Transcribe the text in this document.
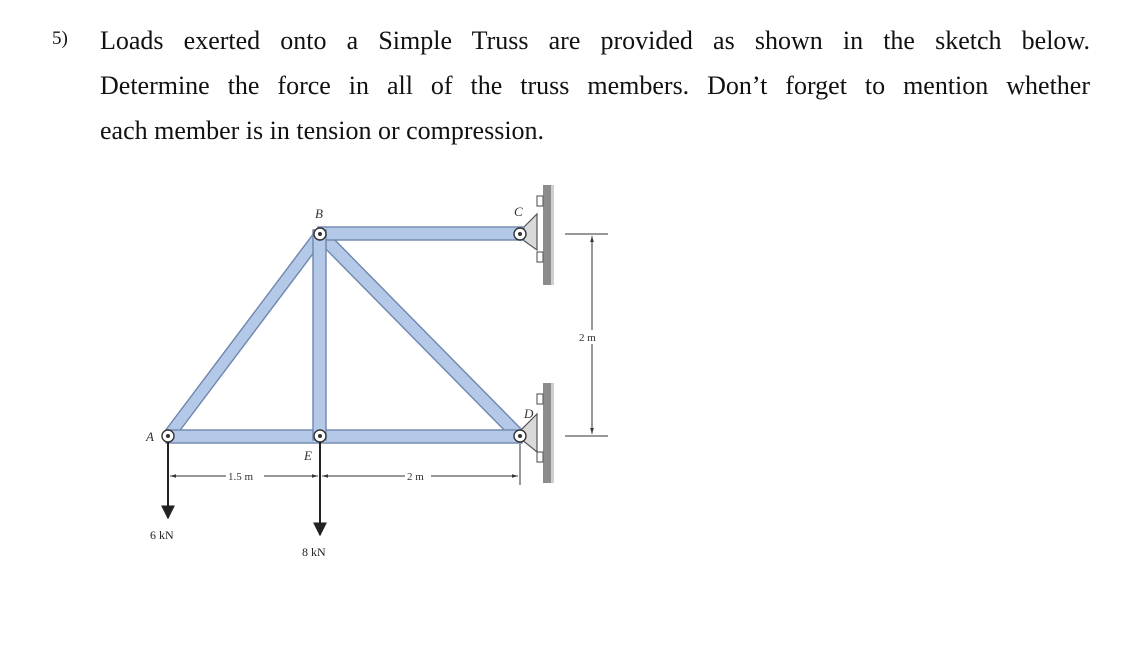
5) Loads exerted onto a Simple Truss are provided as shown in the sketch below.
Determine the force in all of the truss members. Don’t forget to mention whether
each member is in tension or compression.
A
B	C
D
E
2 m
1.5 m	2 m
6 kN
8 kN
